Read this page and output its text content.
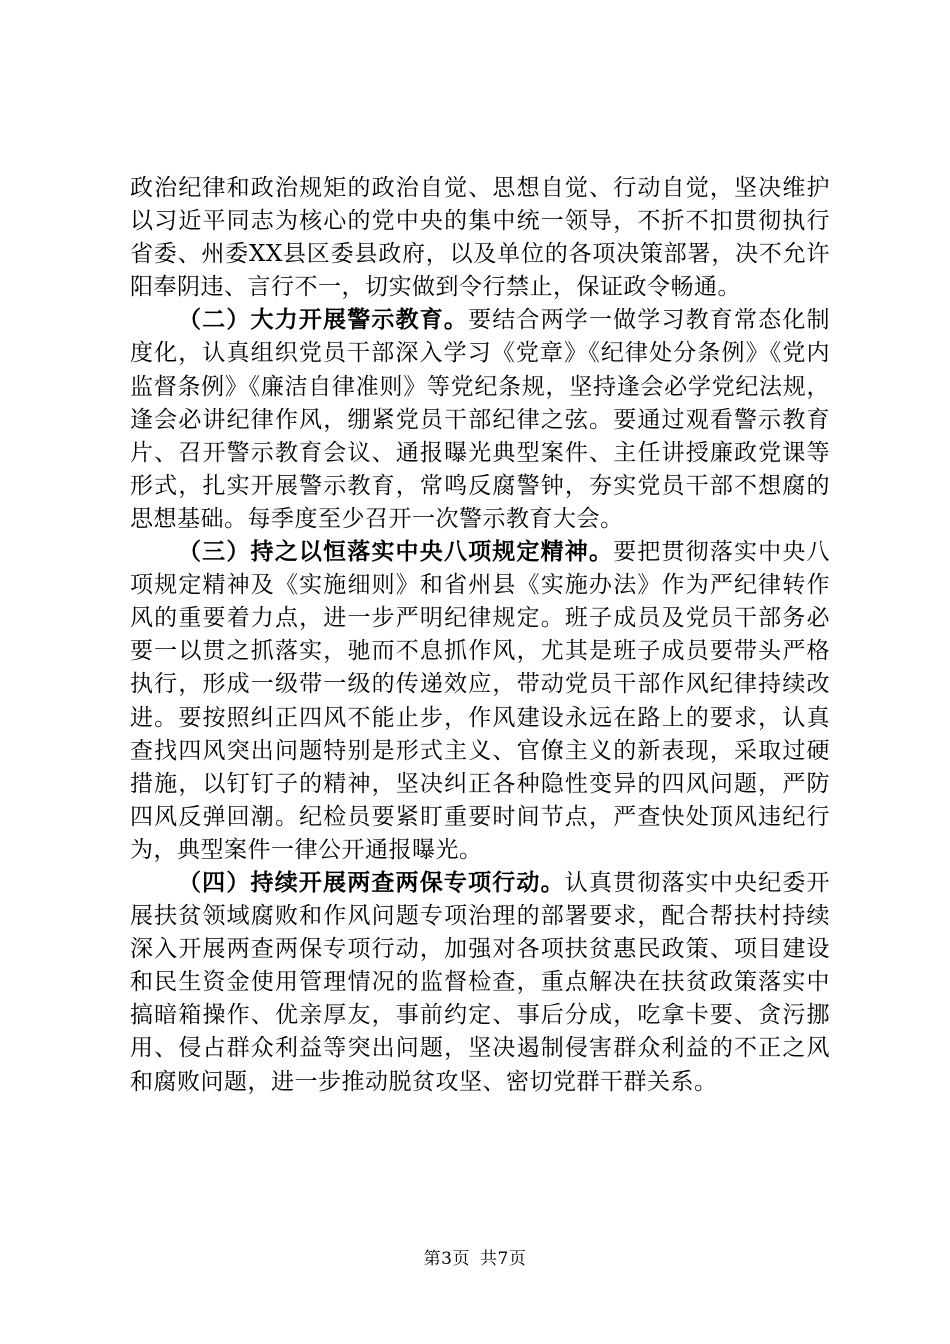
政治纪律和政治规矩的政治自觉、思想自觉、行动自觉，坚决维护以习近平同志为核心的党中央的集中统一领导，不折不扣贯彻执行省委、州委XX县区委县政府，以及单位的各项决策部署，决不允许阳奉阴违、言行不一，切实做到令行禁止，保证政令畅通。

（二）大力开展警示教育。要结合两学一做学习教育常态化制度化，认真组织党员干部深入学习《党章》《纪律处分条例》《党内监督条例》《廉洁自律准则》等党纪条规，坚持逢会必学党纪法规，逢会必讲纪律作风，绷紧党员干部纪律之弦。要通过观看警示教育片、召开警示教育会议、通报曝光典型案件、主任讲授廉政党课等形式，扎实开展警示教育，常鸣反腐警钟，夯实党员干部不想腐的思想基础。每季度至少召开一次警示教育大会。

（三）持之以恒落实中央八项规定精神。要把贯彻落实中央八项规定精神及《实施细则》和省州县《实施办法》作为严纪律转作风的重要着力点，进一步严明纪律规定。班子成员及党员干部务必要一以贯之抓落实，驰而不息抓作风，尤其是班子成员要带头严格执行，形成一级带一级的传递效应，带动党员干部作风纪律持续改进。要按照纠正四风不能止步，作风建设永远在路上的要求，认真查找四风突出问题特别是形式主义、官僚主义的新表现，采取过硬措施，以钉钉子的精神，坚决纠正各种隐性变异的四风问题，严防四风反弹回潮。纪检员要紧盯重要时间节点，严查快处顶风违纪行为，典型案件一律公开通报曝光。

（四）持续开展两查两保专项行动。认真贯彻落实中央纪委开展扶贫领域腐败和作风问题专项治理的部署要求，配合帮扶村持续深入开展两查两保专项行动，加强对各项扶贫惠民政策、项目建设和民生资金使用管理情况的监督检查，重点解决在扶贫政策落实中搞暗箱操作、优亲厚友，事前约定、事后分成，吃拿卡要、贪污挪用、侵占群众利益等突出问题，坚决遏制侵害群众利益的不正之风和腐败问题，进一步推动脱贫攻坚、密切党群干群关系。

第3页 共7页
